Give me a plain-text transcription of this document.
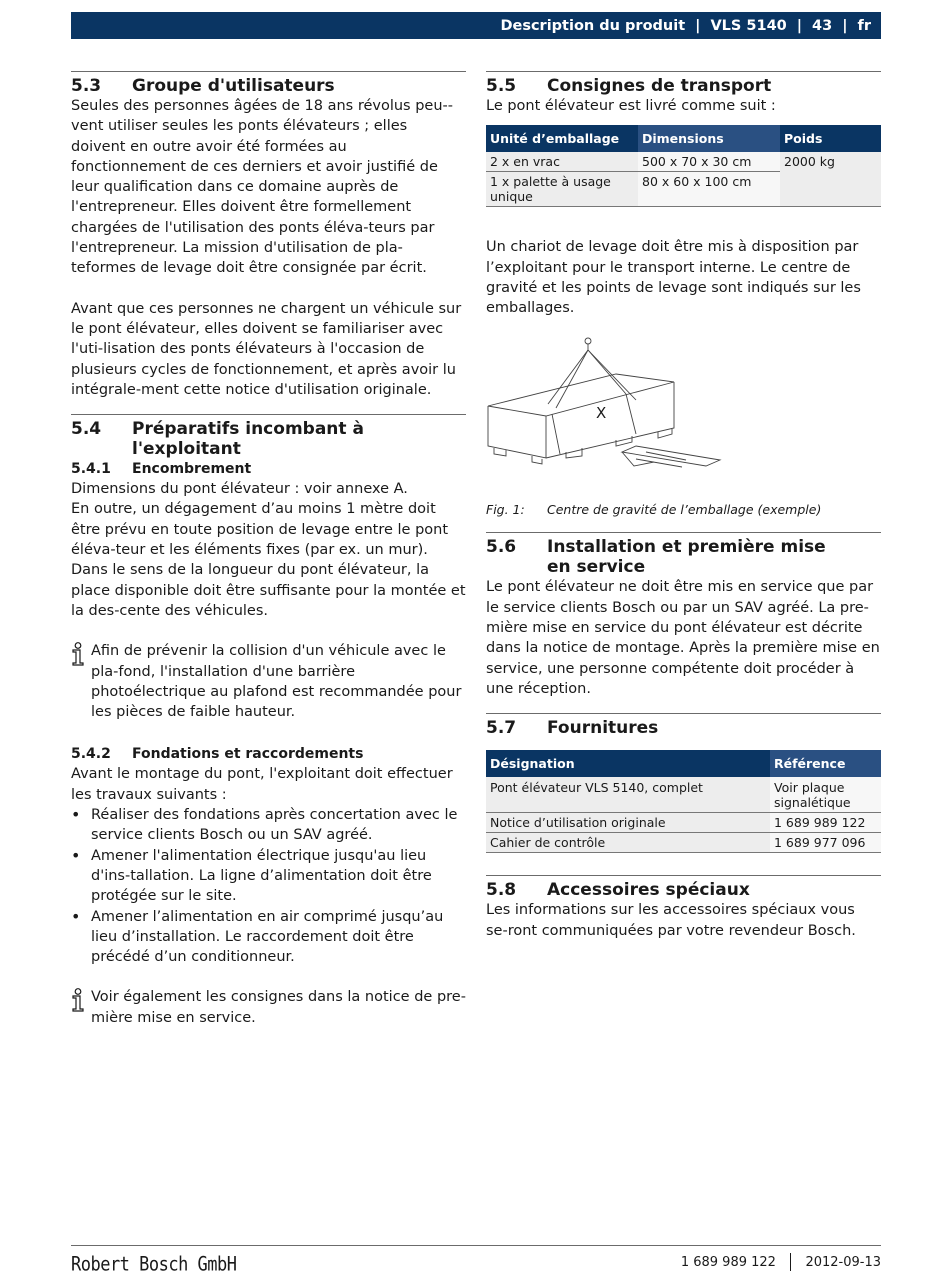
Description du produit | VLS 5140 | 43 | fr
5.3	Groupe d'utilisateurs

Seules des personnes âgées de 18 ans révolus peu-vent utiliser seules les ponts élévateurs ; elles doivent en outre avoir été formées au fonctionnement de ces derniers et avoir justifié de leur qualification dans ce domaine auprès de l'entrepreneur. Elles doivent être formellement chargées de l'utilisation des ponts éléva-teurs par l'entrepreneur. La mission d'utilisation de pla-teformes de levage doit être consignée par écrit.

Avant que ces personnes ne chargent un véhicule sur le pont élévateur, elles doivent se familiariser avec l'uti-lisation des ponts élévateurs à l'occasion de plusieurs cycles de fonctionnement, et après avoir lu intégrale-ment cette notice d'utilisation originale.

5.4	Préparatifs incombant à l'exploitant
5.4.1	Encombrement

Dimensions du pont élévateur : voir annexe A.

En outre, un dégagement d’au moins 1 mètre doit être prévu en toute position de levage entre le pont éléva-teur et les éléments fixes (par ex. un mur).

Dans le sens de la longueur du pont élévateur, la place disponible doit être suffisante pour la montée et la des-cente des véhicules.

Afin de prévenir la collision d'un véhicule avec le pla-fond, l'installation d'une barrière photoélectrique au plafond est recommandée pour les pièces de faible hauteur.

5.4.2	Fondations et raccordements

Avant le montage du pont, l'exploitant doit effectuer les travaux suivants :

• Réaliser des fondations après concertation avec le service clients Bosch ou un SAV agréé.
• Amener l'alimentation électrique jusqu'au lieu d'ins-tallation. La ligne d’alimentation doit être protégée sur le site.
• Amener l’alimentation en air comprimé jusqu’au lieu d’installation. Le raccordement doit être précédé d’un conditionneur.

Voir également les consignes dans la notice de pre-mière mise en service.

5.5	Consignes de transport

Le pont élévateur est livré comme suit :

Unité d’emballage	Dimensions	Poids
2 x en vrac	500 x 70 x 30 cm	2000 kg
1 x palette à usage unique	80 x 60 x 100 cm	

Un chariot de levage doit être mis à disposition par l’exploitant pour le transport interne. Le centre de gravité et les points de levage sont indiqués sur les emballages.

X
Fig. 1:	Centre de gravité de l’emballage (exemple)
5.6	Installation et première mise
en service

Le pont élévateur ne doit être mis en service que par le service clients Bosch ou par un SAV agréé. La pre-mière mise en service du pont élévateur est décrite dans la notice de montage. Après la première mise en service, une personne compétente doit procéder à une réception.

5.7	Fournitures
Désignation	Référence
Pont élévateur VLS 5140, complet	Voir plaque signalétique
Notice d’utilisation originale	1 689 989 122
Cahier de contrôle	1 689 977 096
5.8	Accessoires spéciaux

Les informations sur les accessoires spéciaux vous se-ront communiquées par votre revendeur Bosch.

Robert Bosch GmbH	1 689 989 122 2012-09-13
